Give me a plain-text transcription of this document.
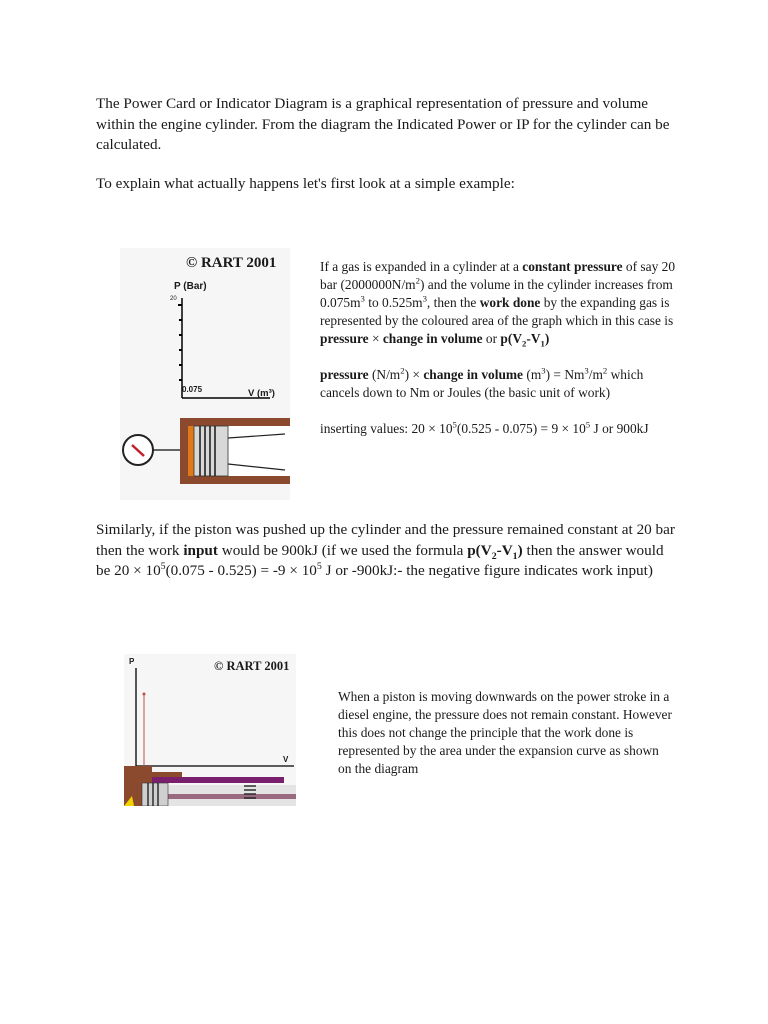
The Power Card or Indicator Diagram is a graphical representation of pressure and volume within the engine cylinder. From the diagram the Indicated Power or IP for the cylinder can be calculated.

To explain what actually happens let's first look at a simple example:

© RART 2001
P (Bar)
20
0.075	V (m³)

If a gas is expanded in a cylinder at a constant pressure of say 20 bar $(2000000N/m^2)$ and the volume in the cylinder increases from $0.075m^3$ to $0.525m^3$, then the work done by the expanding gas is represented by the coloured area of the graph which in this case is pressure × change in volume or $p(V_2-V_1)$

pressure $(N/m^2)$ × change in volume $(m^3) = Nm^3/m^2$ which cancels down to Nm or Joules (the basic unit of work)

inserting values: $20 \times 10^5(0.525 - 0.075) = 9 \times 10^5$ J or 900kJ

Similarly, if the piston was pushed up the cylinder and the pressure remained constant at 20 bar then the work input would be 900kJ (if we used the formula $p(V_2-V_1)$ then the answer would be $20 \times 10^5(0.075 - 0.525) = -9 \times 10^5$ J or -900kJ:- the negative figure indicates work input)

P
V
© RART 2001

When a piston is moving downwards on the power stroke in a diesel engine, the pressure does not remain constant. However this does not change the principle that the work done is represented by the area under the expansion curve as shown on the diagram
